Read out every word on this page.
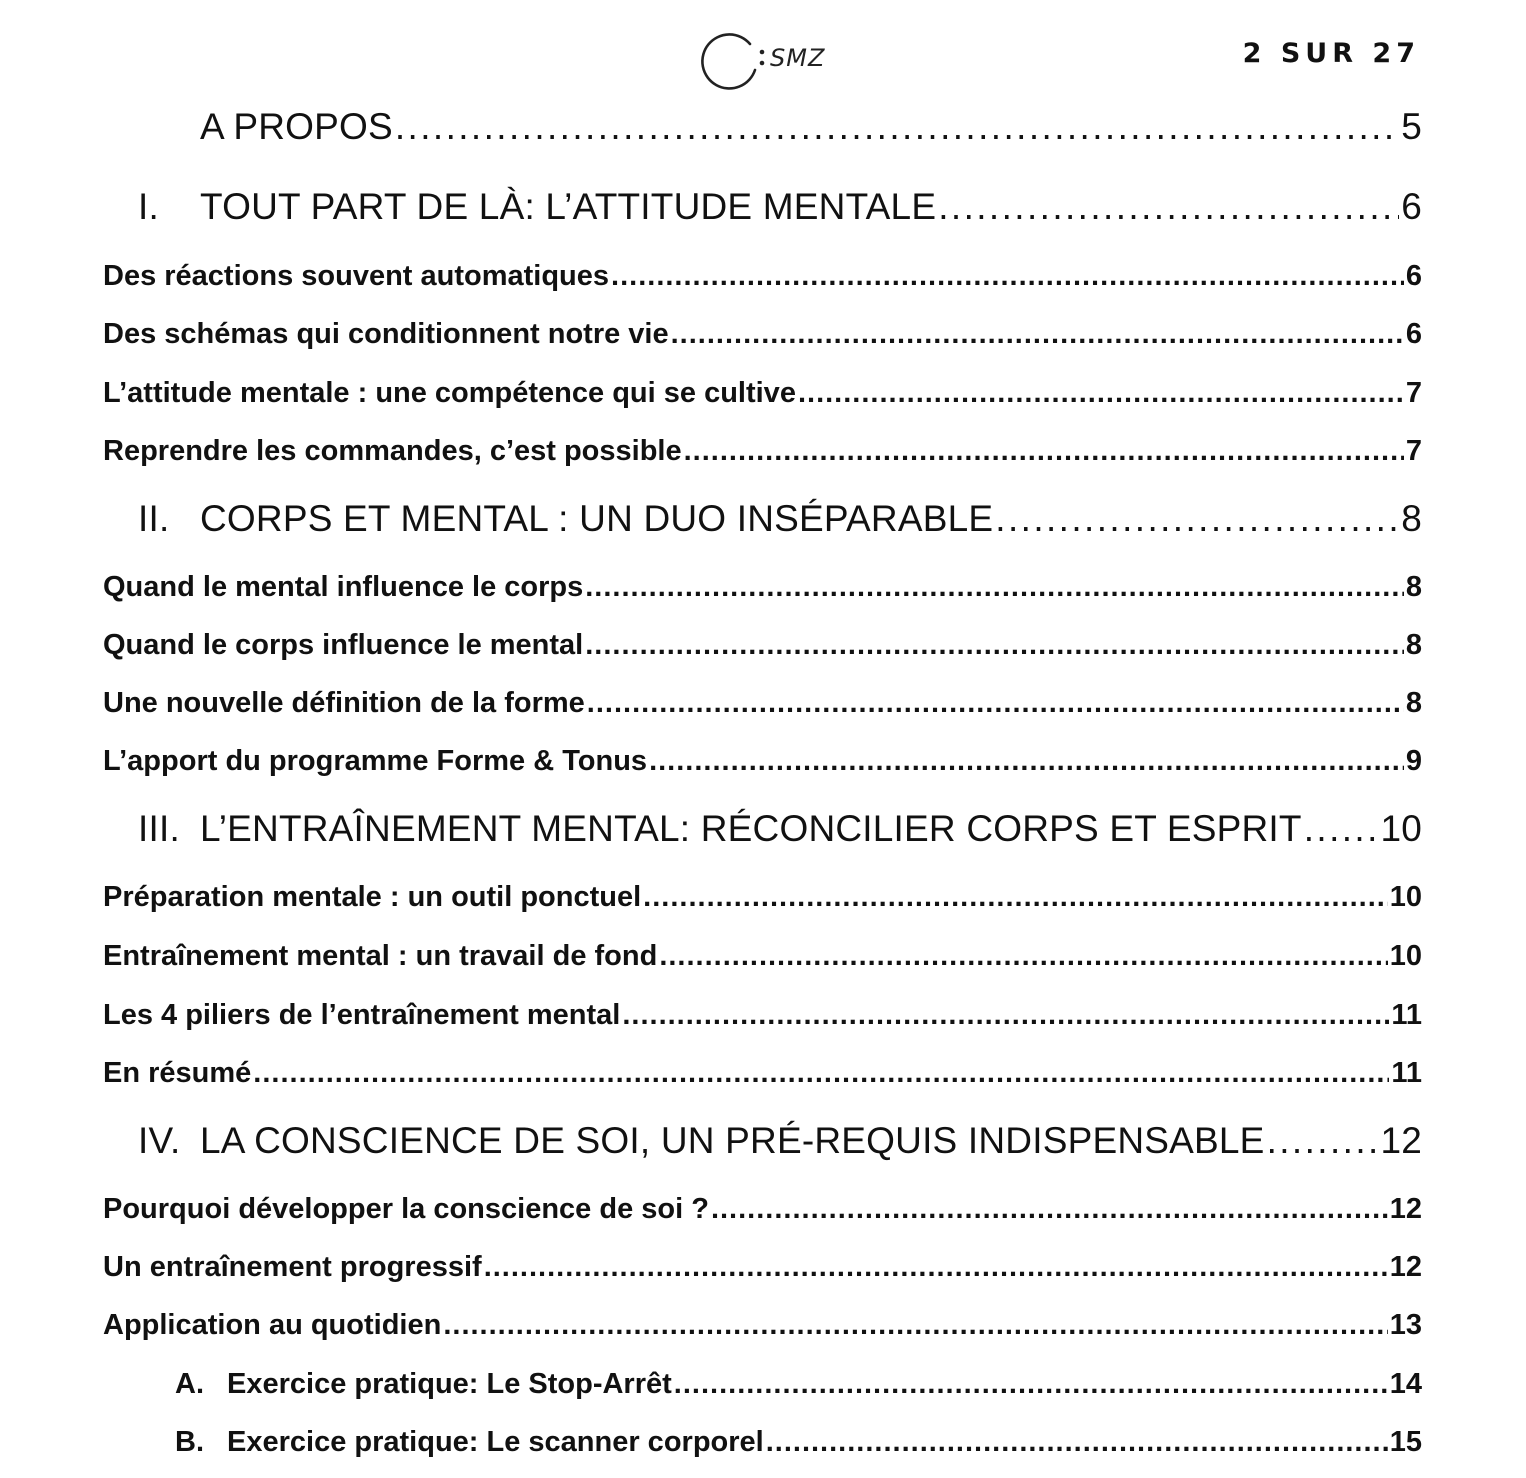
SMZ	2 SUR 27
A PROPOS .....	5
I.	TOUT PART DE LÀ: L’ATTITUDE MENTALE .....	6
Des réactions souvent automatiques .....	6
Des schémas qui conditionnent notre vie .....	6
L’attitude mentale : une compétence qui se cultive .....	7
Reprendre les commandes, c’est possible .....	7
II. CORPS ET MENTAL : UN DUO INSÉPARABLE .....	8
Quand le mental influence le corps .....	8
Quand le corps influence le mental .....	8
Une nouvelle définition de la forme .....	8
L’apport du programme Forme & Tonus .....	9
III. L’ENTRAÎNEMENT MENTAL: RÉCONCILIER CORPS ET ESPRIT ..... 10
Préparation mentale : un outil ponctuel .....	10
Entraînement mental : un travail de fond .....	10
Les 4 piliers de l’entraînement mental .....	11
En résumé .....	11
IV. LA CONSCIENCE DE SOI, UN PRÉ-REQUIS INDISPENSABLE .....	12
Pourquoi développer la conscience de soi ? .....	12
Un entraînement progressif .....	12
Application au quotidien .....	13
A. Exercice pratique: Le Stop-Arrêt .....	14
B. Exercice pratique: Le scanner corporel .....	15
